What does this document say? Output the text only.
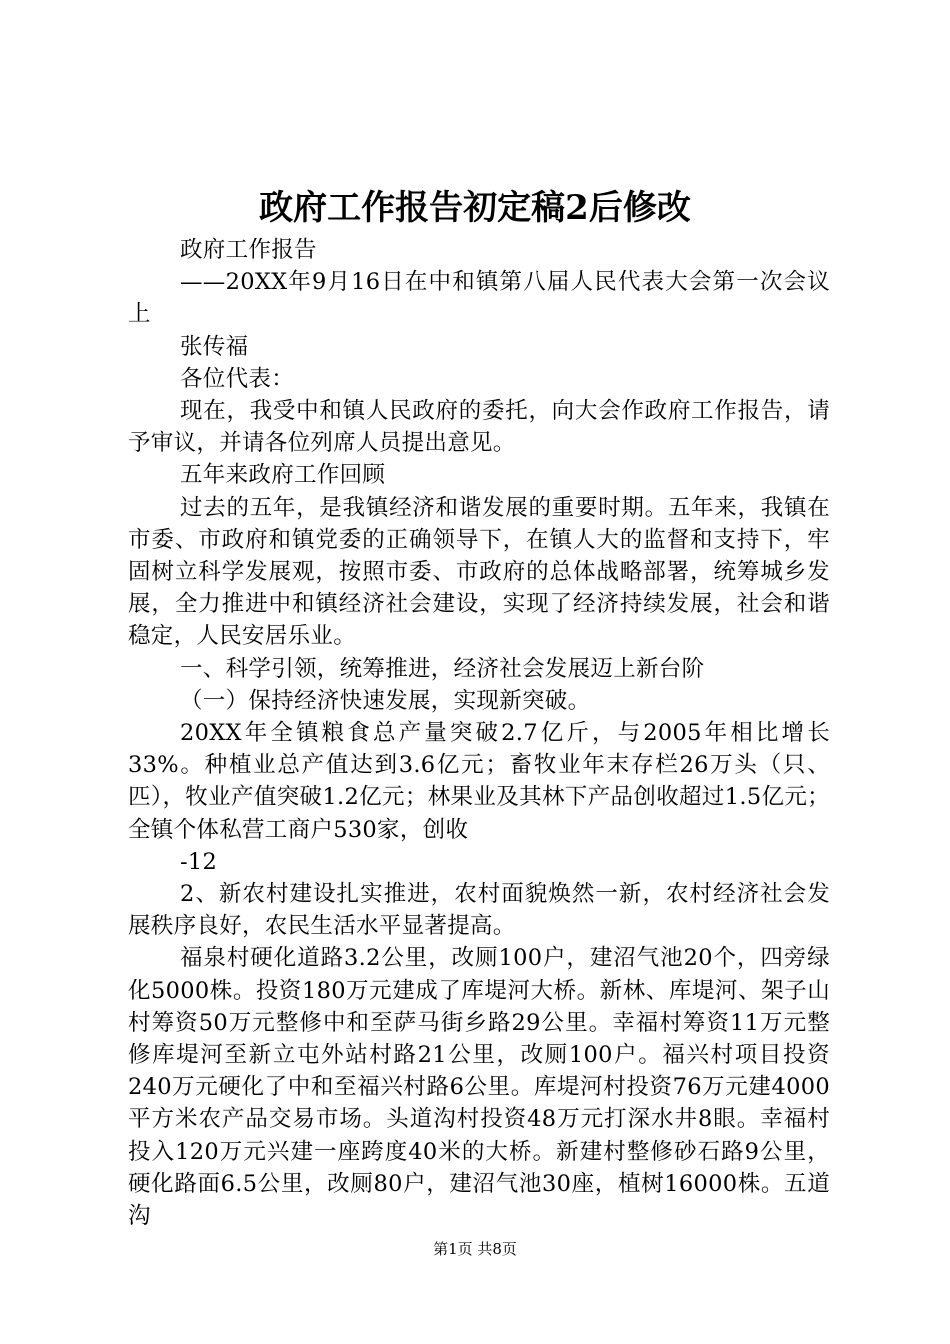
政府工作报告初定稿2后修改

政府工作报告

——20XX年9月16日在中和镇第八届人民代表大会第一次会议上

张传福

各位代表：

现在，我受中和镇人民政府的委托，向大会作政府工作报告，请予审议，并请各位列席人员提出意见。

五年来政府工作回顾

过去的五年，是我镇经济和谐发展的重要时期。五年来，我镇在市委、市政府和镇党委的正确领导下，在镇人大的监督和支持下，牢固树立科学发展观，按照市委、市政府的总体战略部署，统筹城乡发展，全力推进中和镇经济社会建设，实现了经济持续发展，社会和谐稳定，人民安居乐业。

一、科学引领，统筹推进，经济社会发展迈上新台阶

（一）保持经济快速发展，实现新突破。

20XX年全镇粮食总产量突破2.7亿斤，与2005年相比增长33%。种植业总产值达到3.6亿元；畜牧业年末存栏26万头（只、匹），牧业产值突破1.2亿元；林果业及其林下产品创收超过1.5亿元；全镇个体私营工商户530家，创收

-12

2、新农村建设扎实推进，农村面貌焕然一新，农村经济社会发展秩序良好，农民生活水平显著提高。

福泉村硬化道路3.2公里，改厕100户，建沼气池20个，四旁绿化5000株。投资180万元建成了库堤河大桥。新林、库堤河、架子山村筹资50万元整修中和至萨马街乡路29公里。幸福村筹资11万元整修库堤河至新立屯外站村路21公里，改厕100户。福兴村项目投资240万元硬化了中和至福兴村路6公里。库堤河村投资76万元建4000平方米农产品交易市场。头道沟村投资48万元打深水井8眼。幸福村投入120万元兴建一座跨度40米的大桥。新建村整修砂石路9公里，硬化路面6.5公里，改厕80户，建沼气池30座，植树16000株。五道沟

第1页 共8页
